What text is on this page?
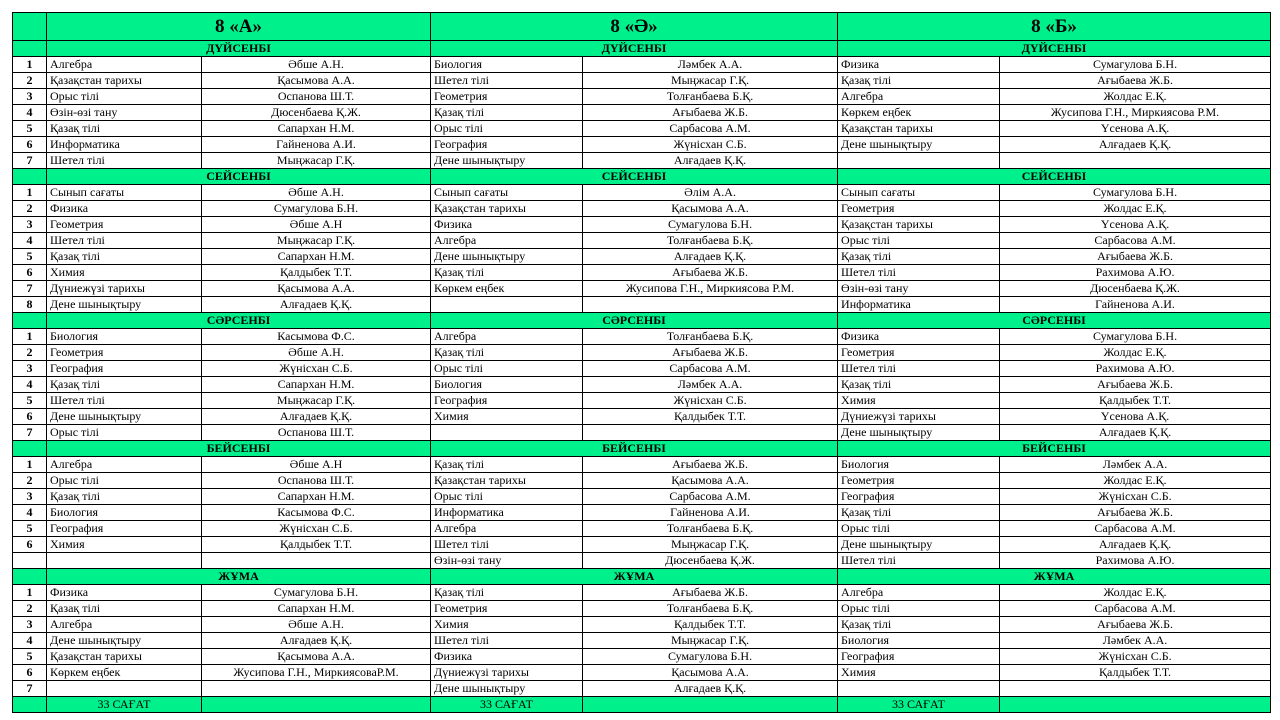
	8 «А»		8 «Ә»		8 «Б»	
	ДҮЙСЕНБІ		ДҮЙСЕНБІ		ДҮЙСЕНБІ	
1	Алгебра	Әбше А.Н.	Биология	Ләмбек А.А.	Физика	Сумагулова Б.Н.
2	Қазақстан тарихы	Қасымова А.А.	Шетел тілі	Мыңжасар Г.Қ.	Қазақ тілі	Ағыбаева Ж.Б.
3	Орыс тілі	Оспанова Ш.Т.	Геометрия	Толғанбаева Б.Қ.	Алгебра	Жолдас Е.Қ.
4	Өзін-өзі тану	Дюсенбаева Қ.Ж.	Қазақ тілі	Ағыбаева Ж.Б.	Көркем еңбек	Жусипова Г.Н., Миркиясова Р.М.
5	Қазақ тілі	Сапархан Н.М.	Орыс тілі	Сарбасова А.М.	Қазақстан тарихы	Үсенова А.Қ.
6	Информатика	Гайненова А.И.	География	Жүнісхан С.Б.	Дене шынықтыру	Алғадаев Қ.Қ.
7	Шетел тілі	Мыңжасар Г.Қ.	Дене шынықтыру	Алғадаев Қ.Қ.		
	СЕЙСЕНБІ		СЕЙСЕНБІ		СЕЙСЕНБІ	
1	Сынып сағаты	Әбше А.Н.	Сынып сағаты	Әлім А.А.	Сынып сағаты	Сумагулова Б.Н.
2	Физика	Сумагулова Б.Н.	Қазақстан тарихы	Қасымова А.А.	Геометрия	Жолдас Е.Қ.
3	Геометрия	Әбше А.Н	Физика	Сумагулова Б.Н.	Қазақстан тарихы	Үсенова А.Қ.
4	Шетел тілі	Мыңжасар Г.Қ.	Алгебра	Толғанбаева Б.Қ.	Орыс тілі	Сарбасова А.М.
5	Қазақ тілі	Сапархан Н.М.	Дене шынықтыру	Алғадаев Қ.Қ.	Қазақ тілі	Ағыбаева Ж.Б.
6	Химия	Қалдыбек Т.Т.	Қазақ тілі	Ағыбаева Ж.Б.	Шетел тілі	Рахимова А.Ю.
7	Дүниежүзі тарихы	Қасымова А.А.	Көркем еңбек	Жусипова Г.Н., Миркиясова Р.М.	Өзін-өзі тану	Дюсенбаева Қ.Ж.
8	Дене шынықтыру	Алғадаев Қ.Қ.			Информатика	Гайненова А.И.
	СӘРСЕНБІ		СӘРСЕНБІ		СӘРСЕНБІ	
1	Биология	Касымова Ф.С.	Алгебра	Толғанбаева Б.Қ.	Физика	Сумагулова Б.Н.
2	Геометрия	Әбше А.Н.	Қазақ тілі	Ағыбаева Ж.Б.	Геометрия	Жолдас Е.Қ.
3	География	Жүнісхан С.Б.	Орыс тілі	Сарбасова А.М.	Шетел тілі	Рахимова А.Ю.
4	Қазақ тілі	Сапархан Н.М.	Биология	Ләмбек А.А.	Қазақ тілі	Ағыбаева Ж.Б.
5	Шетел тілі	Мыңжасар Г.Қ.	География	Жүнісхан С.Б.	Химия	Қалдыбек Т.Т.
6	Дене шынықтыру	Алғадаев Қ.Қ.	Химия	Қалдыбек Т.Т.	Дүниежүзі тарихы	Үсенова А.Қ.
7	Орыс тілі	Оспанова Ш.Т.			Дене шынықтыру	Алғадаев Қ.Қ.
	БЕЙСЕНБІ		БЕЙСЕНБІ		БЕЙСЕНБІ	
1	Алгебра	Әбше А.Н	Қазақ тілі	Ағыбаева Ж.Б.	Биология	Ләмбек А.А.
2	Орыс тілі	Оспанова Ш.Т.	Қазақстан тарихы	Қасымова А.А.	Геометрия	Жолдас Е.Қ.
3	Қазақ тілі	Сапархан Н.М.	Орыс тілі	Сарбасова А.М.	География	Жүнісхан С.Б.
4	Биология	Касымова Ф.С.	Информатика	Гайненова А.И.	Қазақ тілі	Ағыбаева Ж.Б.
5	География	Жүнісхан С.Б.	Алгебра	Толғанбаева Б.Қ.	Орыс тілі	Сарбасова А.М.
6	Химия	Қалдыбек Т.Т.	Шетел тілі	Мыңжасар Г.Қ.	Дене шынықтыру	Алғадаев Қ.Қ.
			Өзін-өзі тану	Дюсенбаева Қ.Ж.	Шетел тілі	Рахимова А.Ю.
	ЖҰМА		ЖҰМА		ЖҰМА	
1	Физика	Сумагулова Б.Н.	Қазақ тілі	Ағыбаева Ж.Б.	Алгебра	Жолдас Е.Қ.
2	Қазақ тілі	Сапархан Н.М.	Геометрия	Толғанбаева Б.Қ.	Орыс тілі	Сарбасова А.М.
3	Алгебра	Әбше А.Н.	Химия	Қалдыбек Т.Т.	Қазақ тілі	Ағыбаева Ж.Б.
4	Дене шынықтыру	Алғадаев Қ.Қ.	Шетел тілі	Мыңжасар Г.Қ.	Биология	Ләмбек А.А.
5	Қазақстан тарихы	Қасымова А.А.	Физика	Сумагулова Б.Н.	География	Жүнісхан С.Б.
6	Көркем еңбек	Жусипова Г.Н., МиркиясоваР.М.	Дүниежүзі тарихы	Қасымова А.А.	Химия	Қалдыбек Т.Т.
7			Дене шынықтыру	Алғадаев Қ.Қ.		
	33 САҒАТ		33 САҒАТ		33 САҒАТ	
